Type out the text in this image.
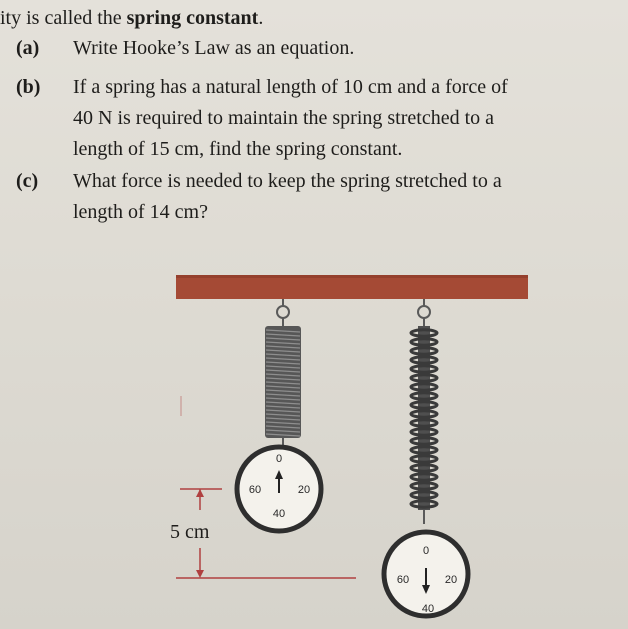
ity is called the spring constant.
(a) Write Hooke’s Law as an equation.
(b) If a spring has a natural length of 10 cm and a force of
40 N is required to maintain the spring stretched to a
length of 15 cm, find the spring constant.
(c) What force is needed to keep the spring stretched to a
length of 14 cm?
0
60	20
40
0
60	20
40
5 cm
